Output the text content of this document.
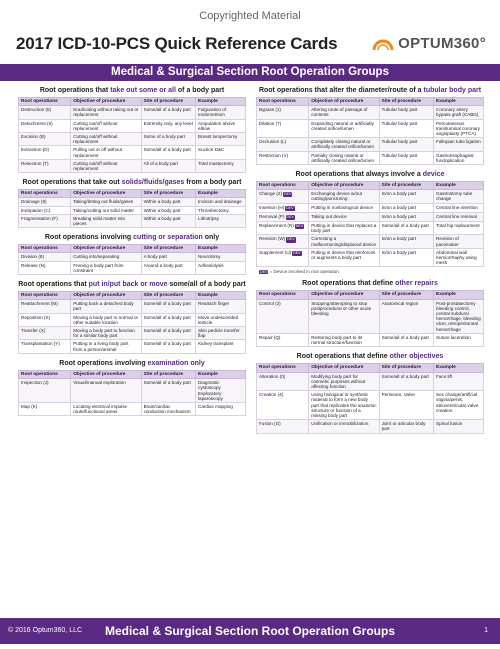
Copyrighted Material
2017 ICD-10-PCS Quick Reference Cards	OPTUM360°
Medical & Surgical Section Root Operation Groups
Root operations that take out some or all of a body part
Root operations	Objective of procedure	Site of procedure	Example
Destruction (5)	Eradicating without taking out or replacement	Some/all of a body part	Fulguration of endometrium
Detachment (6)	Cutting out/off without replacement	Extremity only, any level	Amputation above elbow
Excision (B)	Cutting out/off without replacement	Some of a body part	Breast lumpectomy
Extraction (D)	Pulling out or off without replacement	Some/all of a body part	Suction D&C
Resection (T)	Cutting out/off without replacement	All of a body part	Total mastectomy
Root operations that take out solids/fluids/gases from a body part
Root operations	Objective of procedure	Site of procedure	Example
Drainage (9)	Taking/letting out fluids/gases	Within a body part	Incision and drainage
Extirpation (C)	Taking/cutting out solid matter	Within a body part	Thrombectomy
Fragmentation (F)	Breaking solid matter into pieces	Within a body part	Lithotripsy
Root operations involving cutting or separation only
Root operations	Objective of procedure	Site of procedure	Example
Division (8)	Cutting into/separating	A body part	Neurotomy
Release (N)	Freeing a body part from constraint	Around a body part	Adhesiolysis
Root operations that put in/put back or move some/all of a body part
Root operations	Objective of procedure	Site of procedure	Example
Reattachment (M)	Putting back a detached body part	Some/all of a body part	Reattach finger
Reposition (S)	Moving a body part to normal or other suitable location	Some/all of a body part	Move undescended testicle
Transfer (X)	Moving a body part to function for a similar body part	Some/all of a body part	Skin pedicle transfer flap
Transplantation (Y)	Putting in a living body part from a person/animal	Some/all of a body part	Kidney transplant
Root operations involving examination only
Root operations	Objective of procedure	Site of procedure	Example
Inspection (J)	Visual/manual exploration	Some/all of a body part	Diagnostic cystoscopy Exploratory laparoscopy
Map (K)	Locating electrical impulse route/functional areas	Brain/cardiac conduction mechanism	Cardiac mapping
Root operations that alter the diameter/route of a tubular body part
Root operations	Objective of procedure	Site of procedure	Example
Bypass (1)	Altering route of passage of contents	Tubular body part	Coronary artery bypass graft (CABG)
Dilation (7)	Expanding natural or artificially created orifice/lumen	Tubular body part	Percutaneous transluminal coronary angioplasty (PTCA)
Occlusion (L)	Completely closing natural or artificially created orifice/lumen	Tubular body part	Fallopian tube ligation
Restriction (V)	Partially closing natural or artificially created orifice/lumen	Tubular body part	Gastroesophageal fundoplication
Root operations that always involve a device
Root operations	Objective of procedure	Site of procedure	Example
Change (2) DEV	Exchanging device w/out cutting/puncturing	In/on a body part	Gastrostomy tube change
Insertion (H) DEV	Putting in nonbiological device	In/on a body part	Central line insertion
Removal (P) DEV	Taking out device	In/on a body part	Central line removal
Replacement (R) DEV	Putting in device that replaces a body part	Some/all of a body part	Total hip replacement
Revision (W) DEV	Correcting a malfunctioning/displaced device	In/on a body part	Revision of pacemaker
Supplement (U) DEV	Putting in device that reinforces or augments a body part	In/on a body part	Abdominal wall herniorrhaphy using mesh
DEV = Device involved in root operation
Root operations that define other repairs
Root operations	Objective of procedure	Site of procedure	Example
Control (3)	Stopping/attempting to stop postprocedural or other acute bleeding	Anatomical region	Post-prostatectomy bleeding control, central subdural hemorrhage, bleeding ulcer, retroperitoneal hemorrhage
Repair (Q)	Restoring body part to its normal structure/function	Some/all of a body part	Suture laceration
Root operations that define other objectives
Root operations	Objective of procedure	Site of procedure	Example
Alteration (0)	Modifying body part for cosmetic purposes without affecting function	Some/all of a body part	Face lift
Creation (4)	Using biological or synthetic material to form a new body part that replicates the anatomic structure or function of a missing body part	Perineum, Valve	Sex change/artificial vagina/penis, atrioventricular valve creation
Fusion (G)	Unification or immobilization	Joint or articular body part	Spinal fusion
© 2016 Optum360, LLC Medical & Surgical Section Root Operation Groups	1
